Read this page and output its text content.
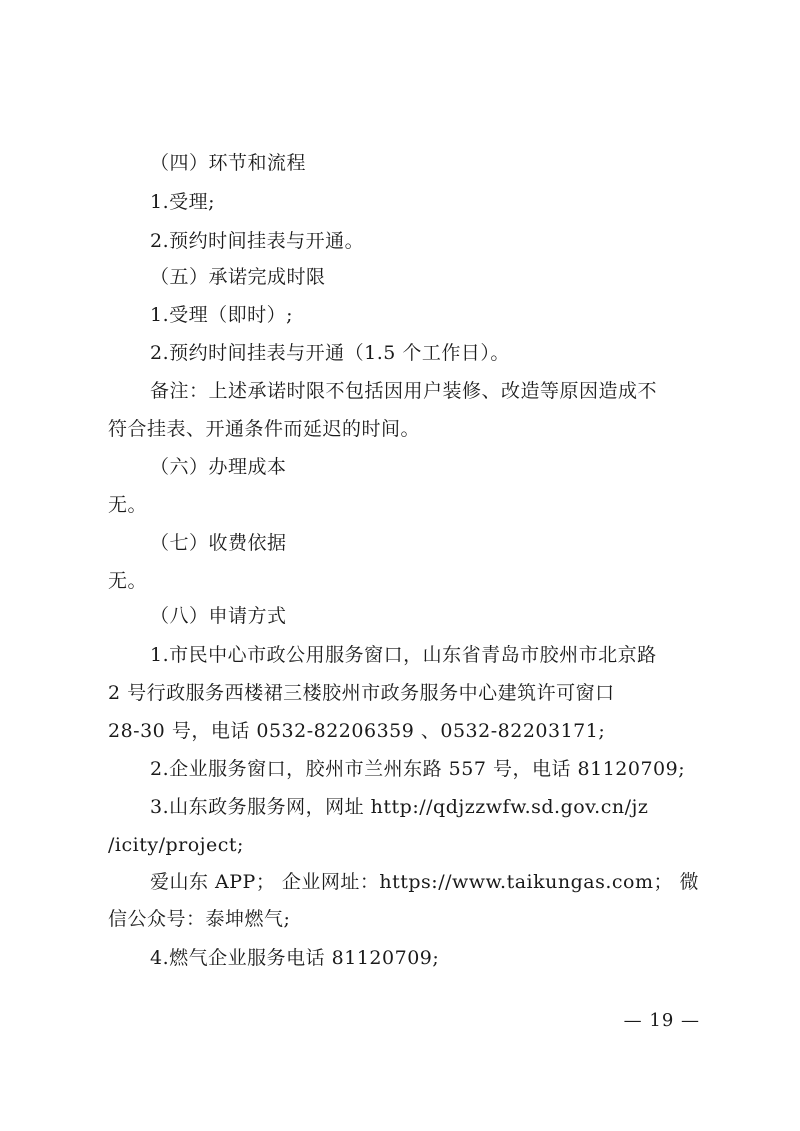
（四）环节和流程
1.受理;
2.预约时间挂表与开通。
（五）承诺完成时限
1.受理（即时）;
2.预约时间挂表与开通（1.5 个工作日）。
备注：上述承诺时限不包括因用户装修、改造等原因造成不
符合挂表、开通条件而延迟的时间。
（六）办理成本
无。
（七）收费依据
无。
（八）申请方式
1.市民中心市政公用服务窗口，山东省青岛市胶州市北京路
2 号行政服务西楼裙三楼胶州市政务服务中心建筑许可窗口
28-30 号，电话 0532-82206359 、0532-82203171;
2.企业服务窗口，胶州市兰州东路 557 号，电话 81120709;
3.山东政务服务网，网址 http://qdjzzwfw.sd.gov.cn/jz
/icity/project;
爱山东 APP； 企业网址：https://www.taikungas.com； 微
信公众号：泰坤燃气;
4.燃气企业服务电话 81120709;
— 19 —
